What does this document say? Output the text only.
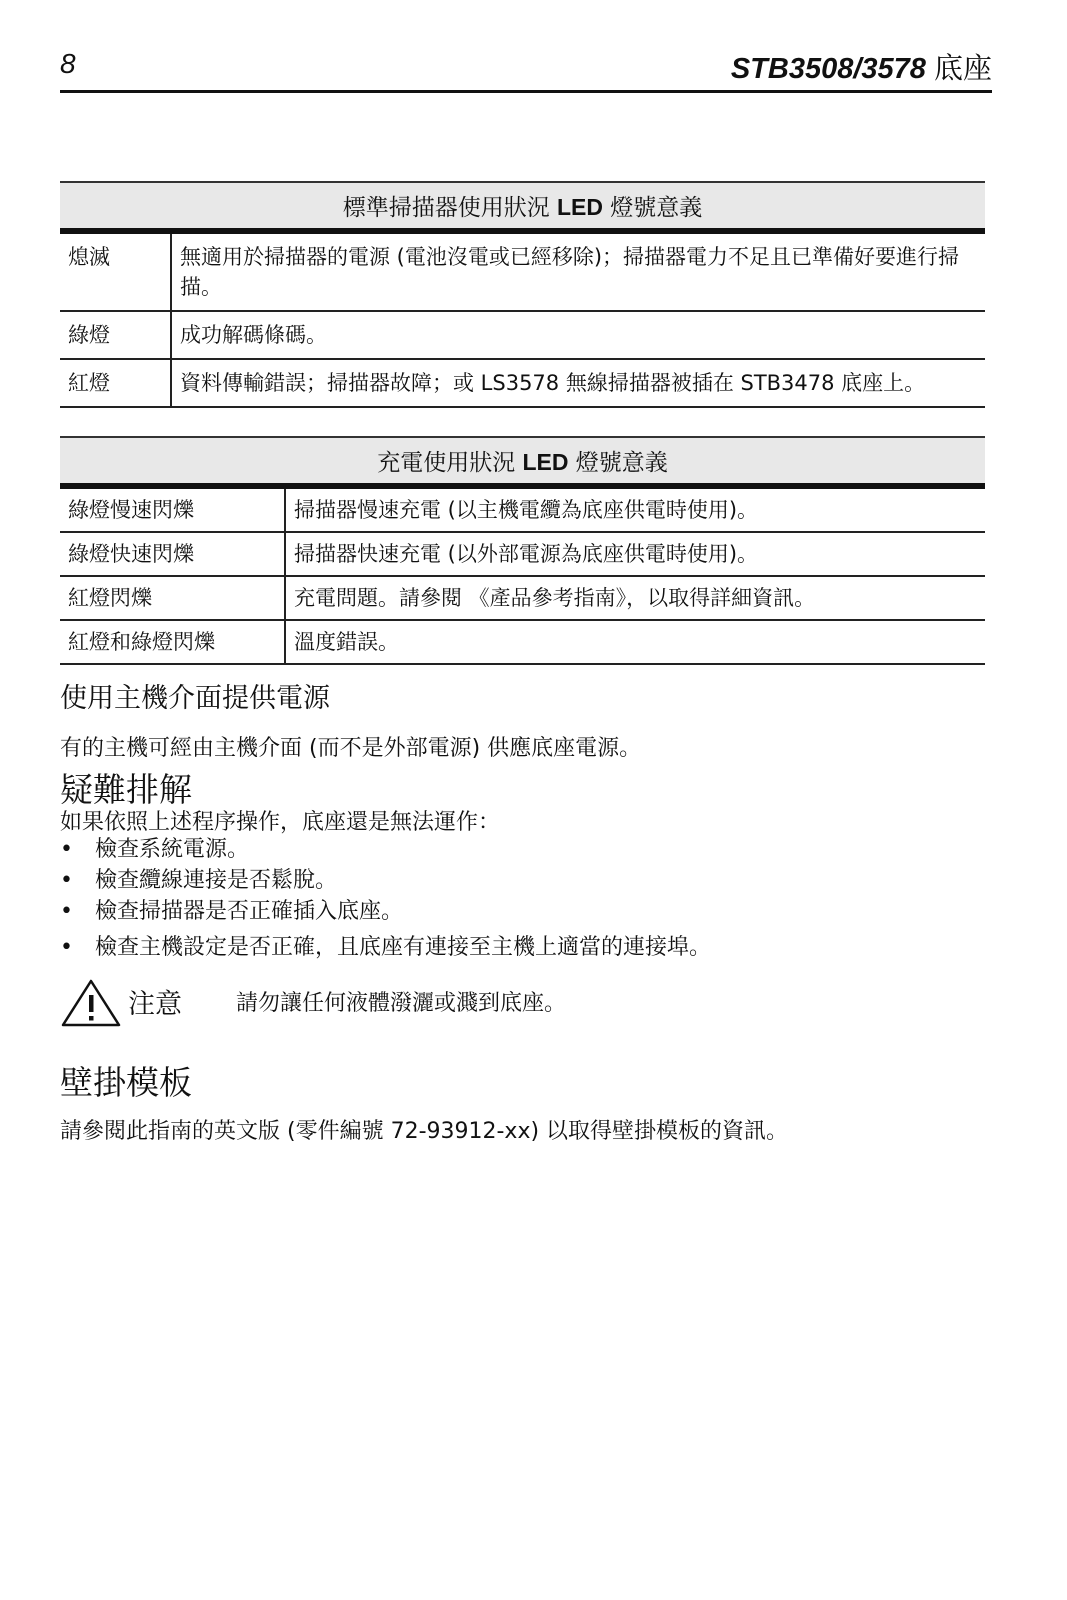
8	STB3508/3578 底座
標準掃描器使用狀況 LED 燈號意義
熄滅	無適用於掃描器的電源 (電池沒電或已經移除)；掃描器電力不足且已準備好要進行掃描。
綠燈	成功解碼條碼。
紅燈	資料傳輸錯誤；掃描器故障；或 LS3578 無線掃描器被插在 STB3478 底座上。
充電使用狀況 LED 燈號意義
綠燈慢速閃爍	掃描器慢速充電 (以主機電纜為底座供電時使用)。
綠燈快速閃爍	掃描器快速充電 (以外部電源為底座供電時使用)。
紅燈閃爍	充電問題。請參閱 《產品參考指南》，以取得詳細資訊。
紅燈和綠燈閃爍	溫度錯誤。
使用主機介面提供電源
有的主機可經由主機介面 (而不是外部電源) 供應底座電源。
疑難排解
如果依照上述程序操作，底座還是無法運作：
• 檢查系統電源。
• 檢查纜線連接是否鬆脫。
• 檢查掃描器是否正確插入底座。
• 檢查主機設定是否正確，且底座有連接至主機上適當的連接埠。
注意 請勿讓任何液體潑灑或濺到底座。
壁掛模板
請參閱此指南的英文版 (零件編號 72-93912-xx) 以取得壁掛模板的資訊。
